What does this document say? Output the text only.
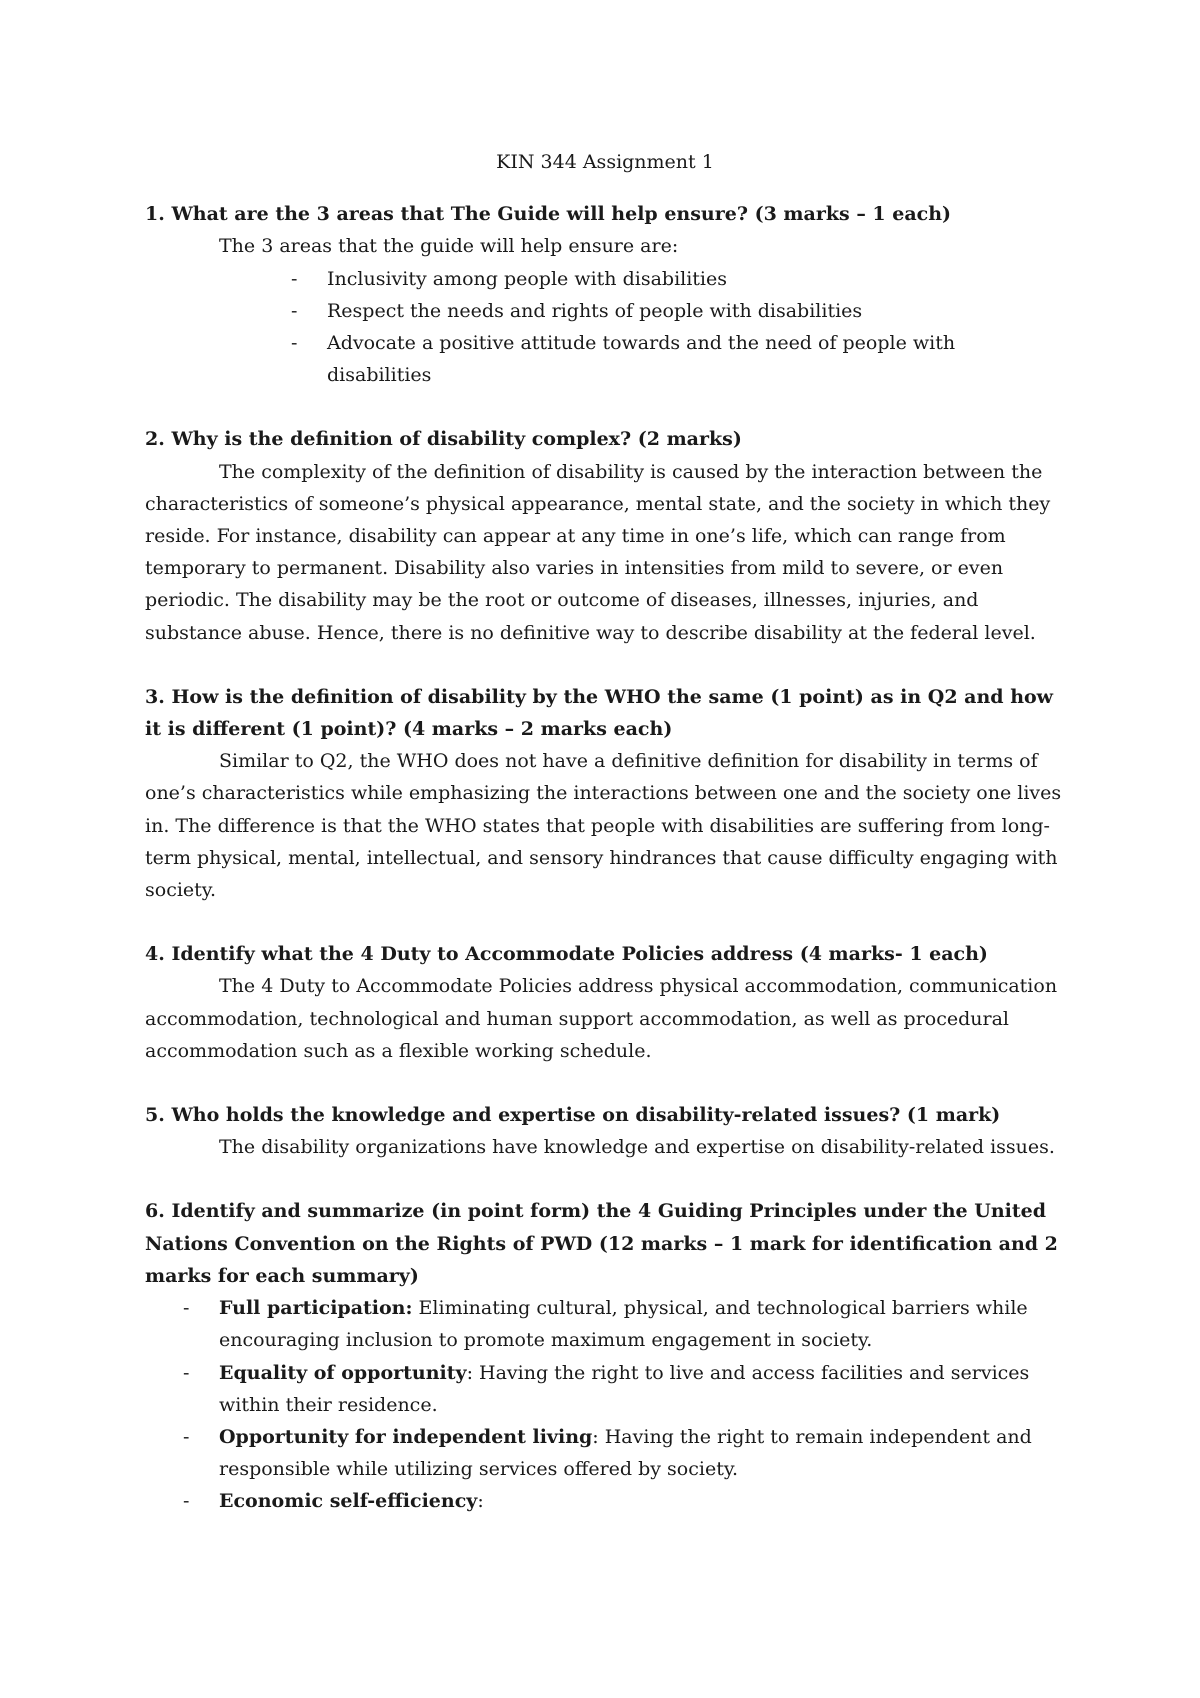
KIN 344 Assignment 1

1. What are the 3 areas that The Guide will help ensure? (3 marks – 1 each)

The 3 areas that the guide will help ensure are:

- Inclusivity among people with disabilities
- Respect the needs and rights of people with disabilities
- Advocate a positive attitude towards and the need of people with disabilities

2. Why is the definition of disability complex? (2 marks)

The complexity of the definition of disability is caused by the interaction between the characteristics of someone’s physical appearance, mental state, and the society in which they reside. For instance, disability can appear at any time in one’s life, which can range from temporary to permanent. Disability also varies in intensities from mild to severe, or even periodic. The disability may be the root or outcome of diseases, illnesses, injuries, and substance abuse. Hence, there is no definitive way to describe disability at the federal level.

3. How is the definition of disability by the WHO the same (1 point) as in Q2 and how it is different (1 point)? (4 marks – 2 marks each)

Similar to Q2, the WHO does not have a definitive definition for disability in terms of one’s characteristics while emphasizing the interactions between one and the society one lives in. The difference is that the WHO states that people with disabilities are suffering from long-term physical, mental, intellectual, and sensory hindrances that cause difficulty engaging with society.

4. Identify what the 4 Duty to Accommodate Policies address (4 marks- 1 each)

The 4 Duty to Accommodate Policies address physical accommodation, communication accommodation, technological and human support accommodation, as well as procedural accommodation such as a flexible working schedule.

5. Who holds the knowledge and expertise on disability-related issues? (1 mark)

The disability organizations have knowledge and expertise on disability-related issues.

6. Identify and summarize (in point form) the 4 Guiding Principles under the United Nations Convention on the Rights of PWD (12 marks – 1 mark for identification and 2 marks for each summary)

- Full participation: Eliminating cultural, physical, and technological barriers while encouraging inclusion to promote maximum engagement in society.
- Equality of opportunity: Having the right to live and access facilities and services within their residence.
- Opportunity for independent living: Having the right to remain independent and responsible while utilizing services offered by society.
- Economic self-efficiency:
